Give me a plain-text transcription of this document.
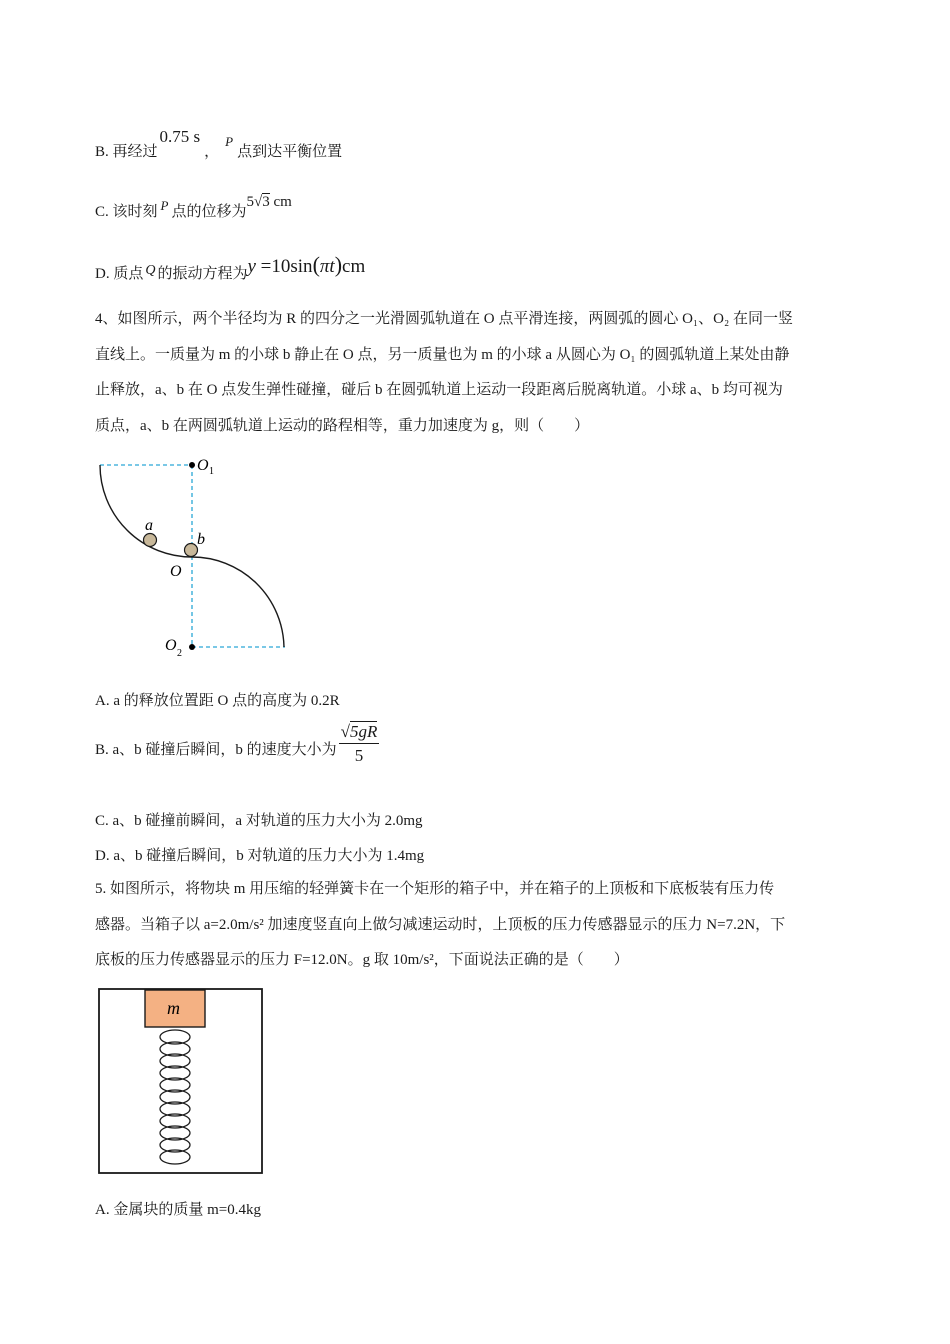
B. 再经过0.75 s，P点到达平衡位置
C. 该时刻 P 点的位移为5√3 cm
D. 质点 Q 的振动方程为y =10sin(πt)cm
4、如图所示，两个半径均为 R 的四分之一光滑圆弧轨道在 O 点平滑连接，两圆弧的圆心 O₁、O₂ 在同一竖
直线上。一质量为 m 的小球 b 静止在 O 点，另一质量也为 m 的小球 a 从圆心为 O₁ 的圆弧轨道上某处由静
止释放，a、b 在 O 点发生弹性碰撞，碰后 b 在圆弧轨道上运动一段距离后脱离轨道。小球 a、b 均可视为
质点，a、b 在两圆弧轨道上运动的路程相等，重力加速度为 g，则（　　）
O 1
a
b
O
O 2
A. a 的释放位置距 O 点的高度为 0.2R
B. a、b 碰撞后瞬间，b 的速度大小为 $\frac{√5gR}{5}$
C. a、b 碰撞前瞬间，a 对轨道的压力大小为 2.0mg
D. a、b 碰撞后瞬间，b 对轨道的压力大小为 1.4mg
5. 如图所示，将物块 m 用压缩的轻弹簧卡在一个矩形的箱子中，并在箱子的上顶板和下底板装有压力传
感器。当箱子以 a=2.0m/s² 加速度竖直向上做匀减速运动时，上顶板的压力传感器显示的压力 N=7.2N，下
底板的压力传感器显示的压力 F=12.0N。g 取 10m/s²，下面说法正确的是（　　）
m
A. 金属块的质量 m=0.4kg
